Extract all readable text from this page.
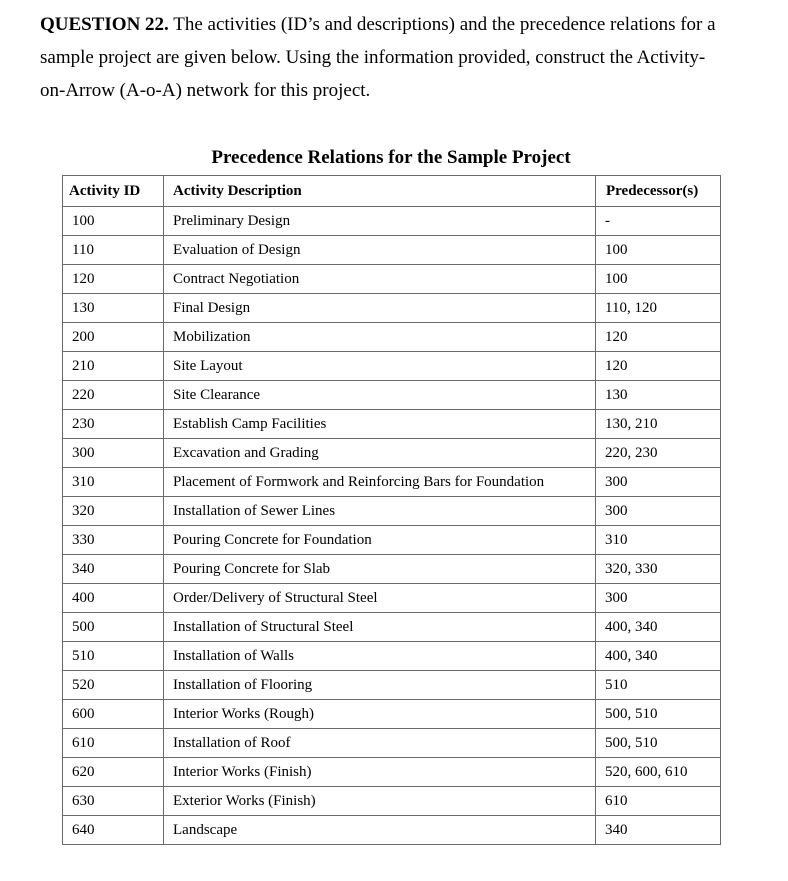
QUESTION 22. The activities (ID’s and descriptions) and the precedence relations for a
sample project are given below. Using the information provided, construct the Activity-
on-Arrow (A-o-A) network for this project.
Precedence Relations for the Sample Project
Activity ID	Activity Description	Predecessor(s)
100	Preliminary Design	-
110	Evaluation of Design	100
120	Contract Negotiation	100
130	Final Design	110, 120
200	Mobilization	120
210	Site Layout	120
220	Site Clearance	130
230	Establish Camp Facilities	130, 210
300	Excavation and Grading	220, 230
310	Placement of Formwork and Reinforcing Bars for Foundation	300
320	Installation of Sewer Lines	300
330	Pouring Concrete for Foundation	310
340	Pouring Concrete for Slab	320, 330
400	Order/Delivery of Structural Steel	300
500	Installation of Structural Steel	400, 340
510	Installation of Walls	400, 340
520	Installation of Flooring	510
600	Interior Works (Rough)	500, 510
610	Installation of Roof	500, 510
620	Interior Works (Finish)	520, 600, 610
630	Exterior Works (Finish)	610
640	Landscape	340
